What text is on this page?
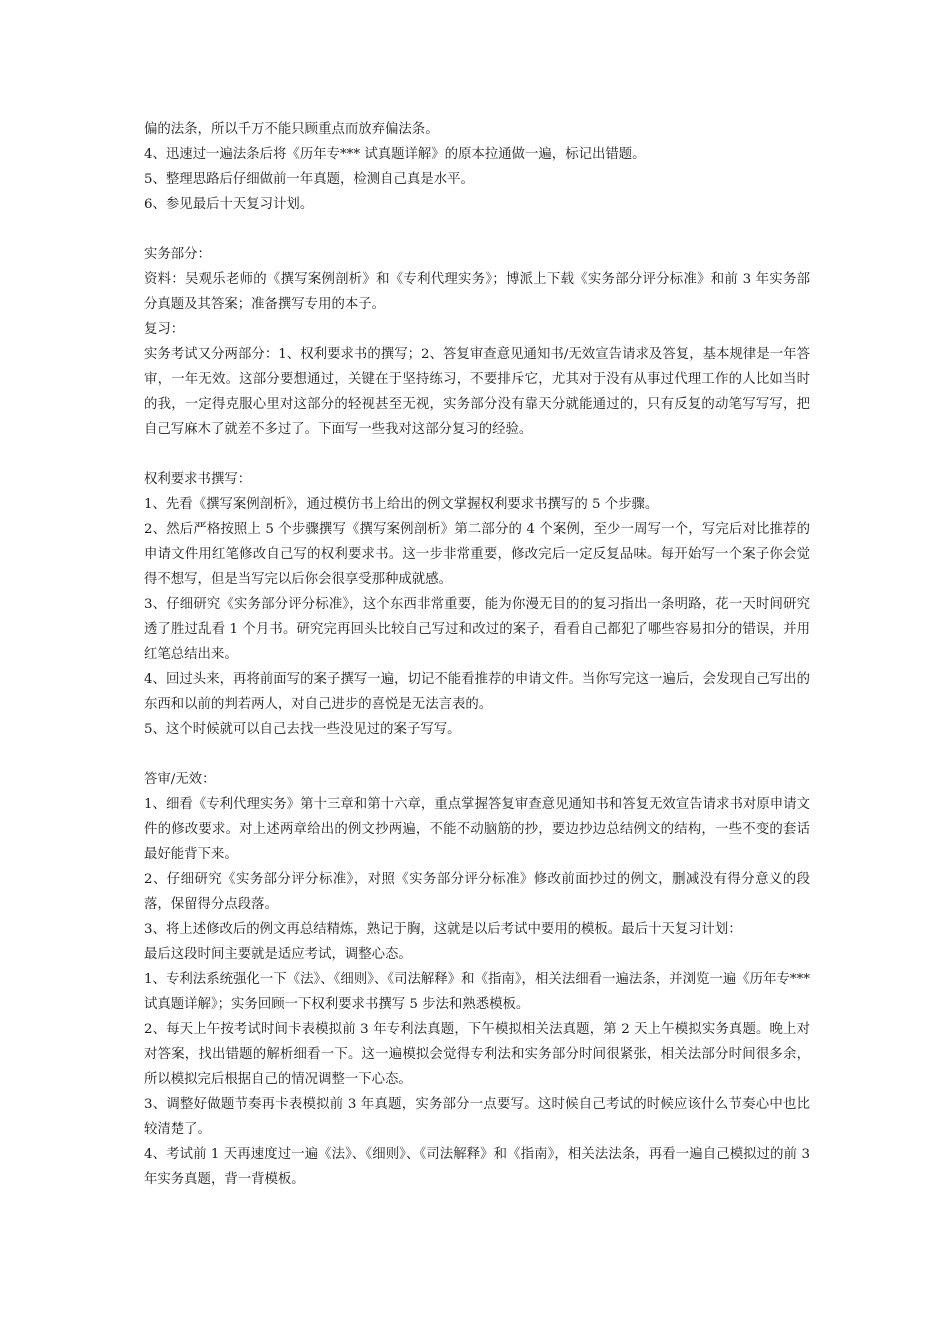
偏的法条，所以千万不能只顾重点而放弃偏法条。
4、迅速过一遍法条后将《历年专*** 试真题详解》的原本拉通做一遍，标记出错题。
5、整理思路后仔细做前一年真题，检测自己真是水平。
6、参见最后十天复习计划。
实务部分：
资料：吴观乐老师的《撰写案例剖析》和《专利代理实务》；博派上下载《实务部分评分标准》和前 3 年实务部分真题及其答案；准备撰写专用的本子。
复习：
实务考试又分两部分：1、权利要求书的撰写；2、答复审查意见通知书/无效宣告请求及答复，基本规律是一年答审，一年无效。这部分要想通过，关键在于坚持练习，不要排斥它，尤其对于没有从事过代理工作的人比如当时的我，一定得克服心里对这部分的轻视甚至无视，实务部分没有靠天分就能通过的，只有反复的动笔写写写，把自己写麻木了就差不多过了。下面写一些我对这部分复习的经验。
权利要求书撰写：
1、先看《撰写案例剖析》，通过模仿书上给出的例文掌握权利要求书撰写的 5 个步骤。
2、然后严格按照上 5 个步骤撰写《撰写案例剖析》第二部分的 4 个案例，至少一周写一个，写完后对比推荐的申请文件用红笔修改自己写的权利要求书。这一步非常重要，修改完后一定反复品味。每开始写一个案子你会觉得不想写，但是当写完以后你会很享受那种成就感。
3、仔细研究《实务部分评分标准》，这个东西非常重要，能为你漫无目的的复习指出一条明路，花一天时间研究透了胜过乱看 1 个月书。研究完再回头比较自己写过和改过的案子，看看自己都犯了哪些容易扣分的错误，并用红笔总结出来。
4、回过头来，再将前面写的案子撰写一遍，切记不能看推荐的申请文件。当你写完这一遍后，会发现自己写出的东西和以前的判若两人，对自己进步的喜悦是无法言表的。
5、这个时候就可以自己去找一些没见过的案子写写。
答审/无效：
1、细看《专利代理实务》第十三章和第十六章，重点掌握答复审查意见通知书和答复无效宣告请求书对原申请文件的修改要求。对上述两章给出的例文抄两遍，不能不动脑筋的抄，要边抄边总结例文的结构，一些不变的套话最好能背下来。
2、仔细研究《实务部分评分标准》，对照《实务部分评分标准》修改前面抄过的例文，删减没有得分意义的段落，保留得分点段落。
3、将上述修改后的例文再总结精炼，熟记于胸，这就是以后考试中要用的模板。最后十天复习计划：
最后这段时间主要就是适应考试，调整心态。
1、专利法系统强化一下《法》、《细则》、《司法解释》和《指南》，相关法细看一遍法条，并浏览一遍《历年专*** 试真题详解》；实务回顾一下权利要求书撰写 5 步法和熟悉模板。
2、每天上午按考试时间卡表模拟前 3 年专利法真题，下午模拟相关法真题，第 2 天上午模拟实务真题。晚上对对答案，找出错题的解析细看一下。这一遍模拟会觉得专利法和实务部分时间很紧张，相关法部分时间很多余，所以模拟完后根据自己的情况调整一下心态。
3、调整好做题节奏再卡表模拟前 3 年真题，实务部分一点要写。这时候自己考试的时候应该什么节奏心中也比较清楚了。
4、考试前 1 天再速度过一遍《法》、《细则》、《司法解释》和《指南》，相关法法条，再看一遍自己模拟过的前 3 年实务真题，背一背模板。
